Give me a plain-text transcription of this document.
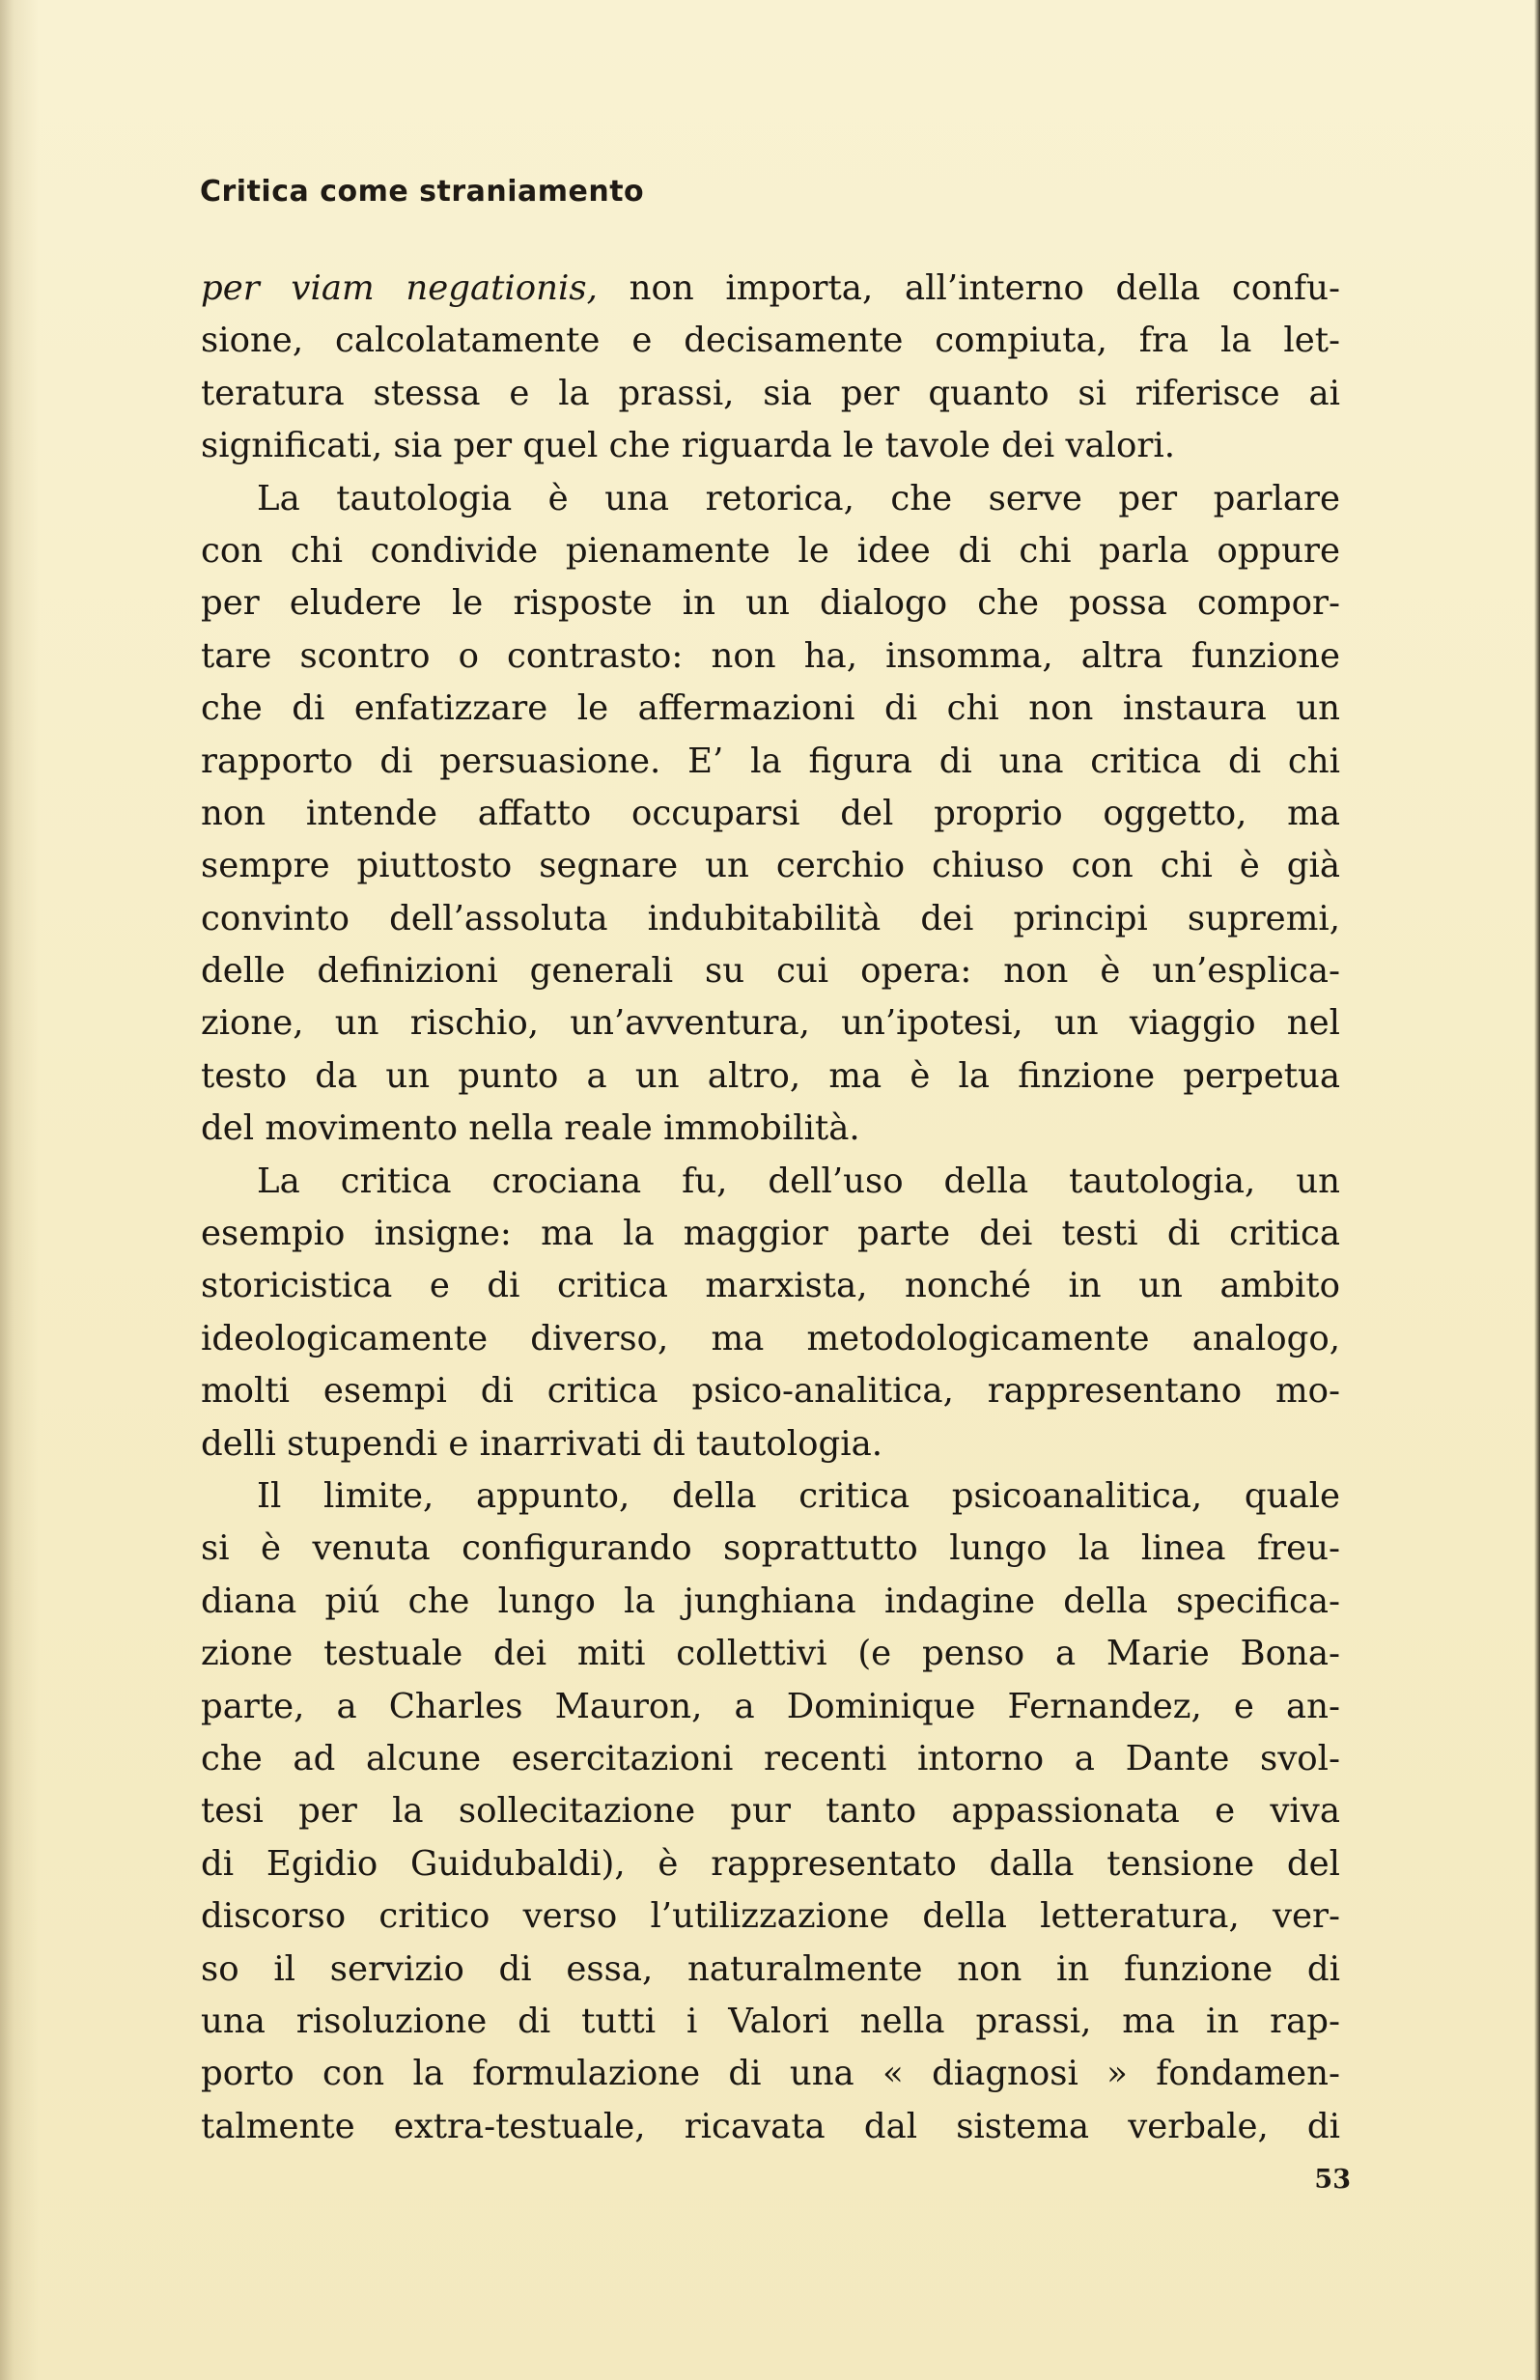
Critica come straniamento
per viam negationis, non importa, all’interno della confu-
sione, calcolatamente e decisamente compiuta, fra la let-
teratura stessa e la prassi, sia per quanto si riferisce ai
significati, sia per quel che riguarda le tavole dei valori.
La tautologia è una retorica, che serve per parlare
con chi condivide pienamente le idee di chi parla oppure
per eludere le risposte in un dialogo che possa compor-
tare scontro o contrasto: non ha, insomma, altra funzione
che di enfatizzare le affermazioni di chi non instaura un
rapporto di persuasione. E’ la figura di una critica di chi
non intende affatto occuparsi del proprio oggetto, ma
sempre piuttosto segnare un cerchio chiuso con chi è già
convinto dell’assoluta indubitabilità dei principi supremi,
delle definizioni generali su cui opera: non è un’esplica-
zione, un rischio, un’avventura, un’ipotesi, un viaggio nel
testo da un punto a un altro, ma è la finzione perpetua
del movimento nella reale immobilità.
La critica crociana fu, dell’uso della tautologia, un
esempio insigne: ma la maggior parte dei testi di critica
storicistica e di critica marxista, nonché in un ambito
ideologicamente diverso, ma metodologicamente analogo,
molti esempi di critica psico-analitica, rappresentano mo-
delli stupendi e inarrivati di tautologia.
Il limite, appunto, della critica psicoanalitica, quale
si è venuta configurando soprattutto lungo la linea freu-
diana piú che lungo la junghiana indagine della specifica-
zione testuale dei miti collettivi (e penso a Marie Bona-
parte, a Charles Mauron, a Dominique Fernandez, e an-
che ad alcune esercitazioni recenti intorno a Dante svol-
tesi per la sollecitazione pur tanto appassionata e viva
di Egidio Guidubaldi), è rappresentato dalla tensione del
discorso critico verso l’utilizzazione della letteratura, ver-
so il servizio di essa, naturalmente non in funzione di
una risoluzione di tutti i Valori nella prassi, ma in rap-
porto con la formulazione di una « diagnosi » fondamen-
talmente extra-testuale, ricavata dal sistema verbale, di
53
